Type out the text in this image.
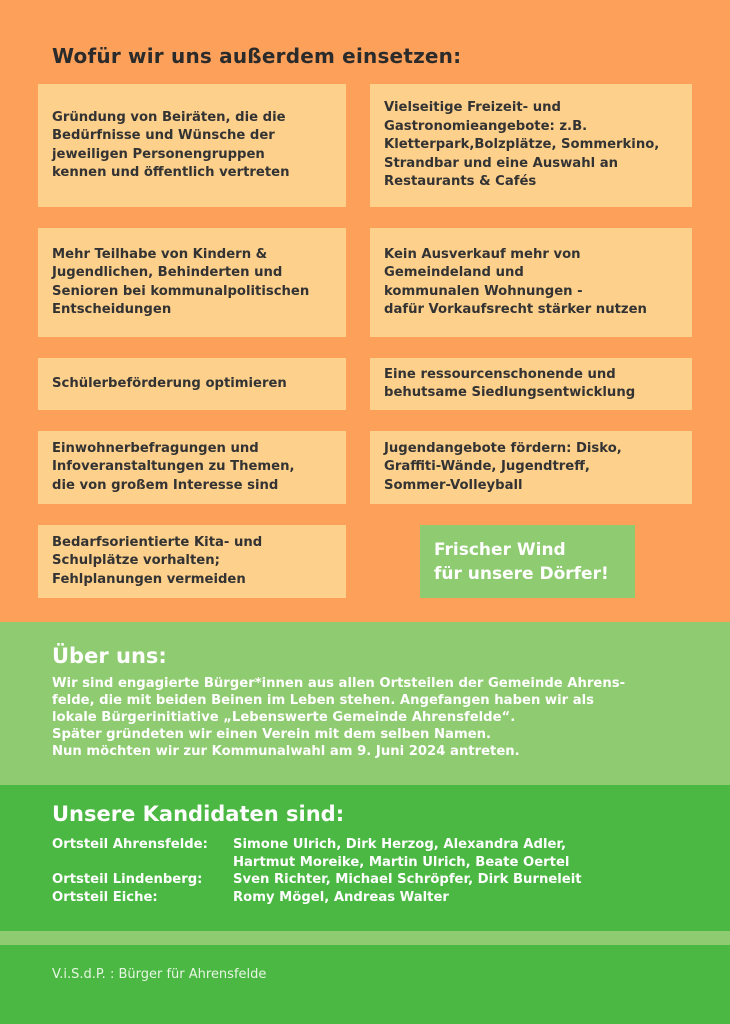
Wofür wir uns außerdem einsetzen:
Gründung von Beiräten, die die
Bedürfnisse und Wünsche der
jeweiligen Personengruppen
kennen und öffentlich vertreten
Vielseitige Freizeit- und
Gastronomieangebote: z.B.
Kletterpark,Bolzplätze, Sommerkino,
Strandbar und eine Auswahl an
Restaurants & Cafés
Mehr Teilhabe von Kindern &
Jugendlichen, Behinderten und
Senioren bei kommunalpolitischen
Entscheidungen
Kein Ausverkauf mehr von
Gemeindeland und
kommunalen Wohnungen -
dafür Vorkaufsrecht stärker nutzen
Schülerbeförderung optimieren
Eine ressourcenschonende und
behutsame Siedlungsentwicklung
Einwohnerbefragungen und
Infoveranstaltungen zu Themen,
die von großem Interesse sind
Jugendangebote fördern: Disko,
Graffiti-Wände, Jugendtreff,
Sommer-Volleyball
Bedarfsorientierte Kita- und
Schulplätze vorhalten;
Fehlplanungen vermeiden
Frischer Wind
für unsere Dörfer!
Über uns:

Wir sind engagierte Bürger*innen aus allen Ortsteilen der Gemeinde Ahrens-
felde, die mit beiden Beinen im Leben stehen. Angefangen haben wir als
lokale Bürgerinitiative „Lebenswerte Gemeinde Ahrensfelde“.
Später gründeten wir einen Verein mit dem selben Namen.
Nun möchten wir zur Kommunalwahl am 9. Juni 2024 antreten.

Unsere Kandidaten sind:
Ortsteil Ahrensfelde:	Simone Ulrich, Dirk Herzog, Alexandra Adler,
Hartmut Moreike, Martin Ulrich, Beate Oertel
Ortsteil Lindenberg:	Sven Richter, Michael Schröpfer, Dirk Burneleit
Ortsteil Eiche:	Romy Mögel, Andreas Walter
V.i.S.d.P. : Bürger für Ahrensfelde
